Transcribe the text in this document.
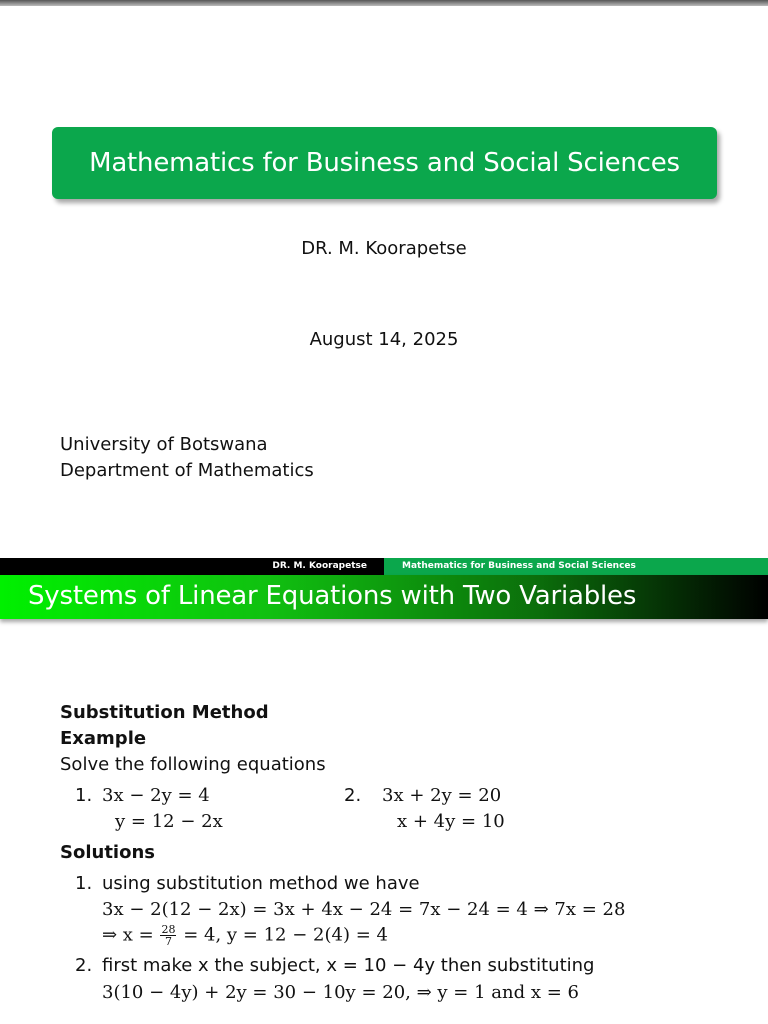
Mathematics for Business and Social Sciences
DR. M. Koorapetse
August 14, 2025
University of Botswana
Department of Mathematics
DR. M. Koorapetse	Mathematics for Business and Social Sciences
Systems of Linear Equations with Two Variables
Substitution Method
Example
Solve the following equations
1. 3x − 2y = 4
y = 12 − 2x
2. 3x + 2y = 20
x + 4y = 10
Solutions
1. using substitution method we have
3x − 2(12 − 2x) = 3x + 4x − 24 = 7x − 24 = 4 ⇒ 7x = 28
⇒ $x = \frac{28}{7} = 4$, y = 12 − 2(4) = 4
2. first make x the subject, x = 10 − 4y then substituting
3(10 − 4y) + 2y = 30 − 10y = 20, ⇒ y = 1 and x = 6
